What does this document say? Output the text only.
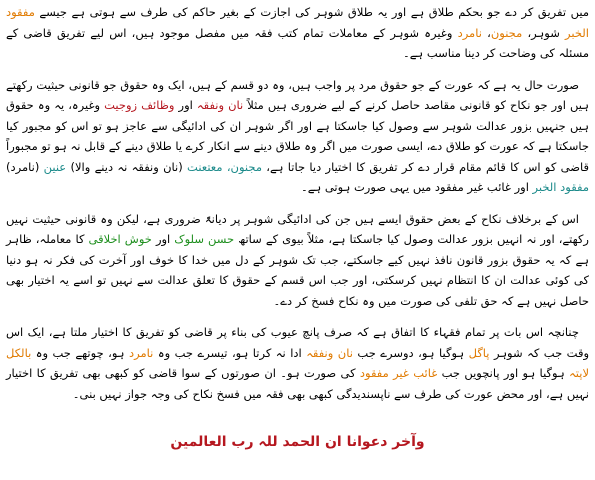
میں تفریق کر دے جو بحکم طلاق ہے اور یہ طلاق شوہر کی اجازت کے بغیر حاکم کی طرف سے ہوتی ہے جیسے مفقود الخبر شوہر، مجنون، نامرد وغیرہ شوہر کے معاملات تمام کتب فقہ میں مفصل موجود ہیں، اس لیے تفریق قاضی کے مسئلہ کی وضاحت کر دینا مناسب ہے۔

صورت حال یہ ہے کہ عورت کے جو حقوق مرد پر واجب ہیں، وہ دو قسم کے ہیں، ایک وہ حقوق جو قانونی حیثیت رکھتے ہیں اور جو نکاح کو قانونی مقاصد حاصل کرنے کے لیے ضروری ہیں مثلاً نان ونفقہ اور وظائف زوجیت وغیرہ، یہ وہ حقوق ہیں جنہیں بزور عدالت شوہر سے وصول کیا جاسکتا ہے اور اگر شوہر ان کی ادائیگی سے عاجز ہو تو اس کو مجبور کیا جاسکتا ہے کہ عورت کو طلاق دے، ایسی صورت میں اگر وہ طلاق دینے سے انکار کرے یا طلاق دینے کے قابل نہ ہو تو مجبوراً قاضی کو اس کا قائم مقام قرار دے کر تفریق کا اختیار دیا جاتا ہے، مجنون، معتعنت (نان ونفقہ نہ دینے والا) عنین (نامرد) مفقود الخبر اور غائب غیر مفقود میں یہی صورت ہوتی ہے۔

اس کے برخلاف نکاح کے بعض حقوق ایسے ہیں جن کی ادائیگی شوہر پر دیانۃً ضروری ہے، لیکن وہ قانونی حیثیت نہیں رکھتے، اور نہ انہیں بزور عدالت وصول کیا جاسکتا ہے، مثلاً بیوی کے ساتھ حسن سلوک اور خوش اخلاقی کا معاملہ، ظاہر ہے کہ یہ حقوق بزور قانون نافذ نہیں کیے جاسکتے، جب تک شوہر کے دل میں خدا کا خوف اور آخرت کی فکر نہ ہو دنیا کی کوئی عدالت ان کا انتظام نہیں کرسکتی، اور جب اس قسم کے حقوق کا تعلق عدالت سے نہیں تو اسے یہ اختیار بھی حاصل نہیں ہے کہ حق تلفی کی صورت میں وہ نکاح فسخ کر دے۔

چنانچہ اس بات پر تمام فقہاء کا اتفاق ہے کہ صرف پانچ عیوب کی بناء پر قاضی کو تفریق کا اختیار ملتا ہے، ایک اس وقت جب کہ شوہر پاگل ہوگیا ہو، دوسرے جب نان ونفقہ ادا نہ کرتا ہو، تیسرے جب وہ نامرد ہو، چوتھے جب وہ بالکل لاپتہ ہوگیا ہو اور پانچویں جب غائب غیر مفقود کی صورت ہو۔ ان صورتوں کے سوا قاضی کو کبھی بھی تفریق کا اختیار نہیں ہے، اور محض عورت کی طرف سے ناپسندیدگی کبھی بھی فقہ میں فسخ نکاح کی وجہ جواز نہیں بنی۔

وآخر دعوانا ان الحمد للہ رب العالمین
